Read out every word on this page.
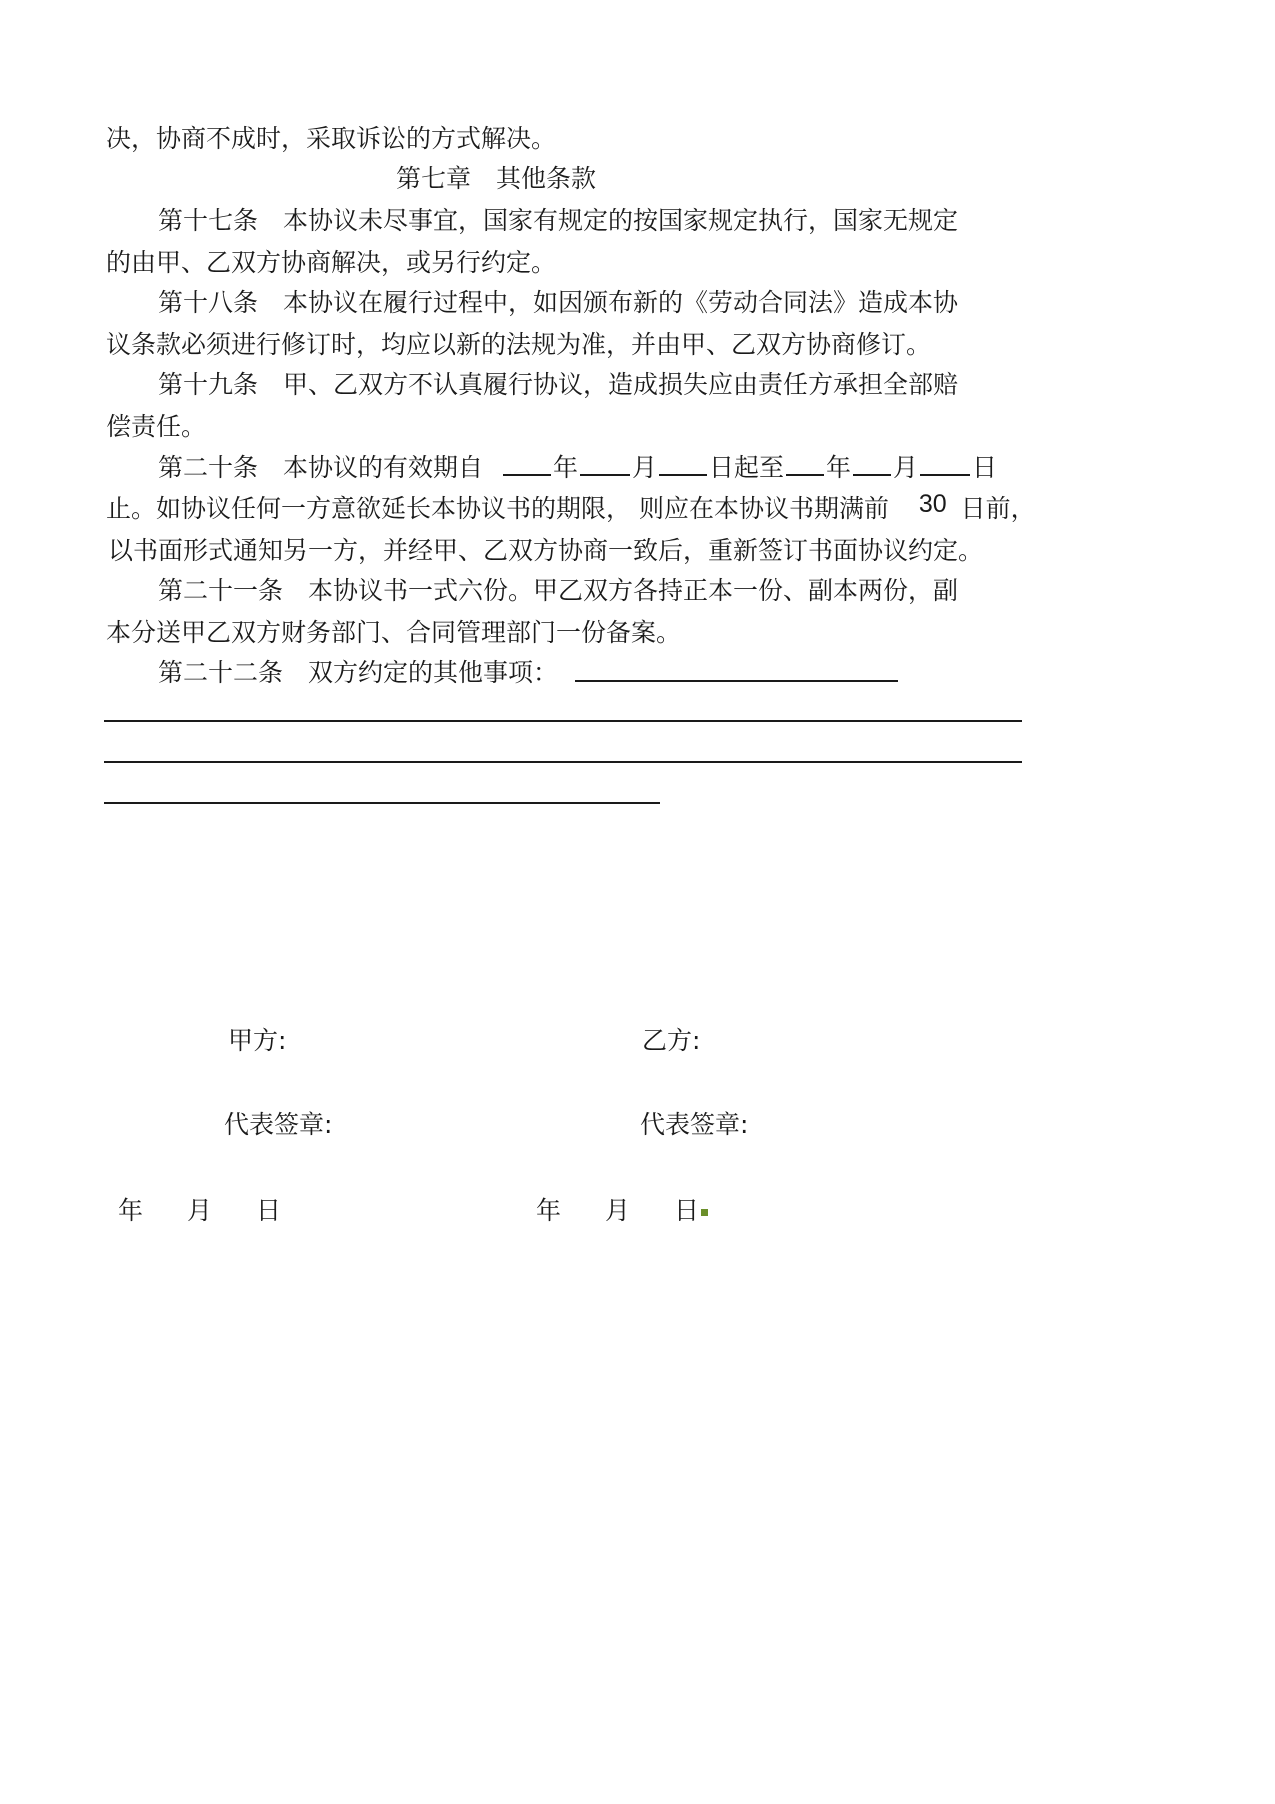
决，协商不成时，采取诉讼的方式解决。
第七章　其他条款
第十七条　本协议未尽事宜，国家有规定的按国家规定执行，国家无规定
的由甲、乙双方协商解决，或另行约定。
第十八条　本协议在履行过程中，如因颁布新的《劳动合同法》造成本协
议条款必须进行修订时，均应以新的法规为准，并由甲、乙双方协商修订。
第十九条　甲、乙双方不认真履行协议，造成损失应由责任方承担全部赔
偿责任。
第二十条　本协议的有效期自	年 月 日起至 年 月 日
止。如协议任何一方意欲延长本协议书的期限， 则应在本协议书期满前 30 日前，
以书面形式通知另一方，并经甲、乙双方协商一致后，重新签订书面协议约定。
第二十一条　本协议书一式六份。甲乙双方各持正本一份、副本两份，副
本分送甲乙双方财务部门、合同管理部门一份备案。
第二十二条　双方约定的其他事项：
甲方:	乙方:
代表签章:	代表签章:
年 月 日	年 月 日
